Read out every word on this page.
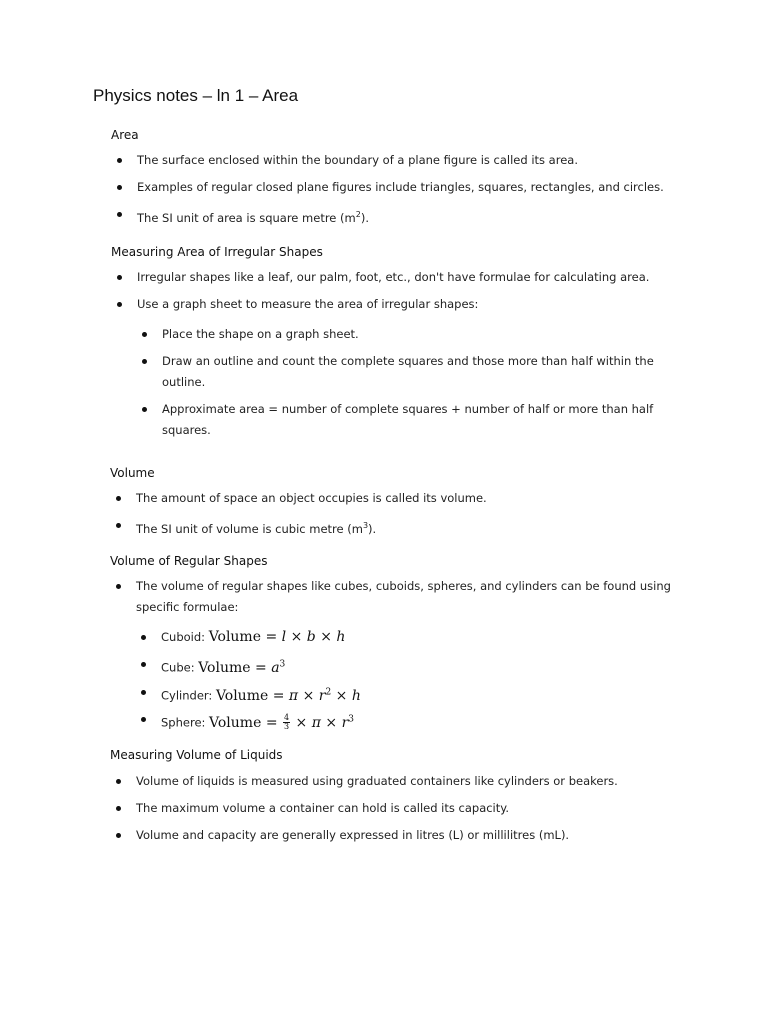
Physics notes – ln 1 – Area
Area

The surface enclosed within the boundary of a plane figure is called its area.

Examples of regular closed plane figures include triangles, squares, rectangles, and circles.

The SI unit of area is square metre $(m^2)$.

Measuring Area of Irregular Shapes

Irregular shapes like a leaf, our palm, foot, etc., don't have formulae for calculating area.

Use a graph sheet to measure the area of irregular shapes:

Place the shape on a graph sheet.

Draw an outline and count the complete squares and those more than half within the outline.

Approximate area = number of complete squares + number of half or more than half squares.

Volume

The amount of space an object occupies is called its volume.

The SI unit of volume is cubic metre $(m^3)$.

Volume of Regular Shapes

The volume of regular shapes like cubes, cuboids, spheres, and cylinders can be found using specific formulae:

Cuboid: Volume = l × b × h

Cube: Volume = $a^3$

Cylinder: Volume = $\pi \times r^2 \times h$

Sphere: Volume = $\frac{4}{3} \times \pi \times r^3$

Measuring Volume of Liquids

Volume of liquids is measured using graduated containers like cylinders or beakers.

The maximum volume a container can hold is called its capacity.

Volume and capacity are generally expressed in litres (L) or millilitres (mL).
